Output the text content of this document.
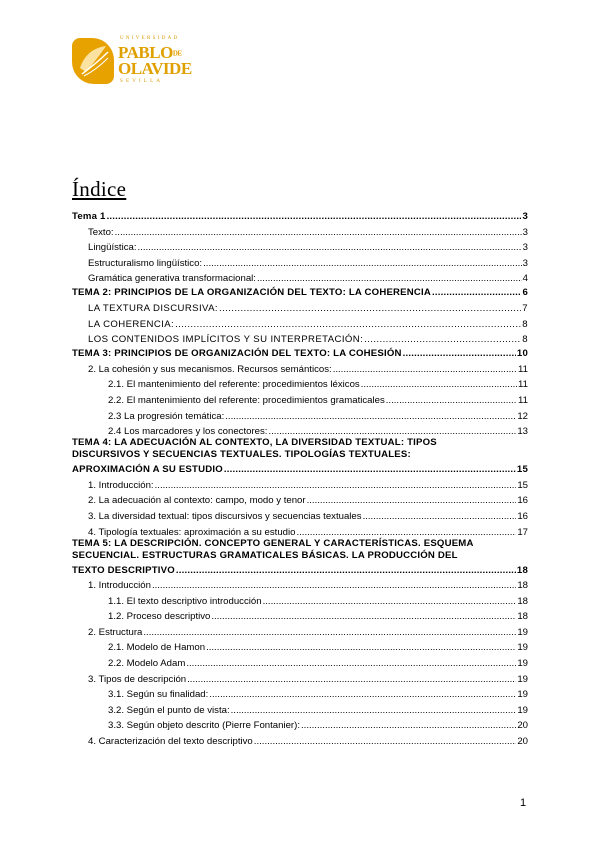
UNIVERSIDAD
PABLODE
OLAVIDE
SEVILLA
Índice
Tema 1 .....	3
Texto: .....	3
Lingüística: .....	3
Estructuralismo lingüístico: .....	3
Gramática generativa transformacional: .....	4
TEMA 2: PRINCIPIOS DE LA ORGANIZACIÓN DEL TEXTO: LA COHERENCIA .....	6
LA TEXTURA DISCURSIVA: .....	7
LA COHERENCIA: .....	8
LOS CONTENIDOS IMPLÍCITOS Y SU INTERPRETACIÓN: .....	8
TEMA 3: PRINCIPIOS DE ORGANIZACIÓN DEL TEXTO: LA COHESIÓN .....	10
2. La cohesión y sus mecanismos. Recursos semánticos: .....	11
2.1. El mantenimiento del referente: procedimientos léxicos .....	11
2.2. El mantenimiento del referente: procedimientos gramaticales .....	11
2.3 La progresión temática: .....	12
2.4 Los marcadores y los conectores: .....	13
TEMA 4: LA ADECUACIÓN AL CONTEXTO, LA DIVERSIDAD TEXTUAL: TIPOS
DISCURSIVOS Y SECUENCIAS TEXTUALES. TIPOLOGÍAS TEXTUALES:
APROXIMACIÓN A SU ESTUDIO .....	15
1. Introducción: .....	15
2. La adecuación al contexto: campo, modo y tenor .....	16
3. La diversidad textual: tipos discursivos y secuencias textuales .....	16
4. Tipología textuales: aproximación a su estudio .....	17
TEMA 5: LA DESCRIPCIÓN. CONCEPTO GENERAL Y CARACTERÍSTICAS. ESQUEMA
SECUENCIAL. ESTRUCTURAS GRAMATICALES BÁSICAS. LA PRODUCCIÓN DEL
TEXTO DESCRIPTIVO .....	18
1. Introducción .....	18
1.1. El texto descriptivo introducción .....	18
1.2. Proceso descriptivo .....	18
2. Estructura .....	19
2.1. Modelo de Hamon .....	19
2.2. Modelo Adam .....	19
3. Tipos de descripción .....	19
3.1. Según su finalidad: .....	19
3.2. Según el punto de vista: .....	19
3.3. Según objeto descrito (Pierre Fontanier): .....	20
4. Caracterización del texto descriptivo .....	20
1
